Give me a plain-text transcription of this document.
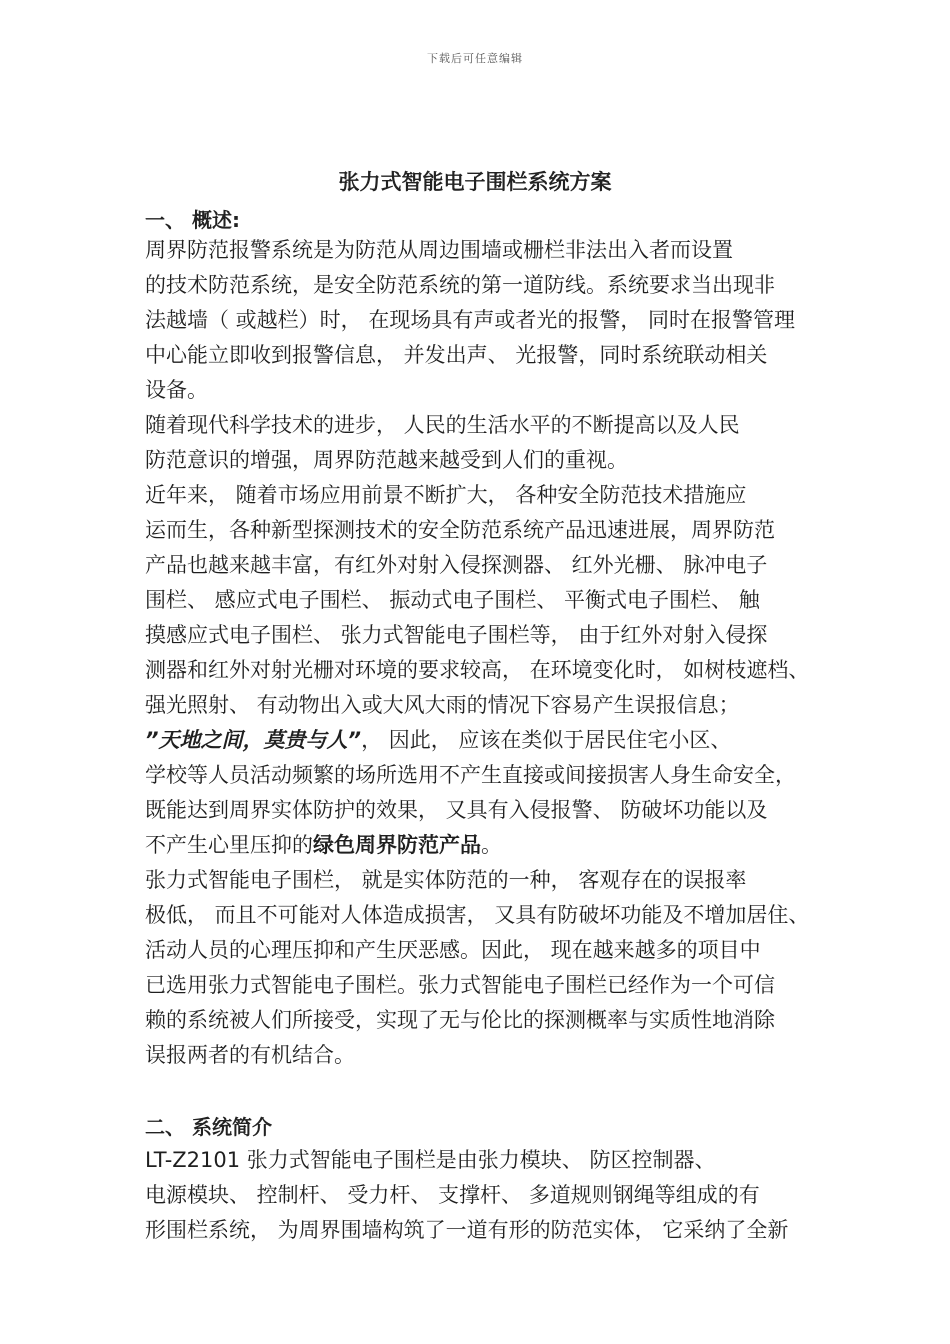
下载后可任意编辑
张力式智能电子围栏系统方案
一、 概述:
周界防范报警系统是为防范从周边围墙或栅栏非法出入者而设置
的技术防范系统，是安全防范系统的第一道防线。系统要求当出现非
法越墙（ 或越栏）时， 在现场具有声或者光的报警， 同时在报警管理
中心能立即收到报警信息， 并发出声、 光报警，同时系统联动相关
设备。
随着现代科学技术的进步， 人民的生活水平的不断提高以及人民
防范意识的增强，周界防范越来越受到人们的重视。
近年来， 随着市场应用前景不断扩大， 各种安全防范技术措施应
运而生，各种新型探测技术的安全防范系统产品迅速进展，周界防范
产品也越来越丰富，有红外对射入侵探测器、 红外光栅、 脉冲电子
围栏、 感应式电子围栏、 振动式电子围栏、 平衡式电子围栏、 触
摸感应式电子围栏、 张力式智能电子围栏等， 由于红外对射入侵探
测器和红外对射光栅对环境的要求较高， 在环境变化时， 如树枝遮档、
强光照射、 有动物出入或大风大雨的情况下容易产生误报信息；
”天地之间，莫贵与人”， 因此， 应该在类似于居民住宅小区、
学校等人员活动频繁的场所选用不产生直接或间接损害人身生命安全，
既能达到周界实体防护的效果， 又具有入侵报警、 防破坏功能以及
不产生心里压抑的绿色周界防范产品。
张力式智能电子围栏， 就是实体防范的一种， 客观存在的误报率
极低， 而且不可能对人体造成损害， 又具有防破坏功能及不增加居住、
活动人员的心理压抑和产生厌恶感。因此， 现在越来越多的项目中
已选用张力式智能电子围栏。张力式智能电子围栏已经作为一个可信
赖的系统被人们所接受，实现了无与伦比的探测概率与实质性地消除
误报两者的有机结合。
二、 系统简介
LT-Z2101 张力式智能电子围栏是由张力模块、 防区控制器、
电源模块、 控制杆、 受力杆、 支撑杆、 多道规则钢绳等组成的有
形围栏系统， 为周界围墙构筑了一道有形的防范实体， 它采纳了全新
